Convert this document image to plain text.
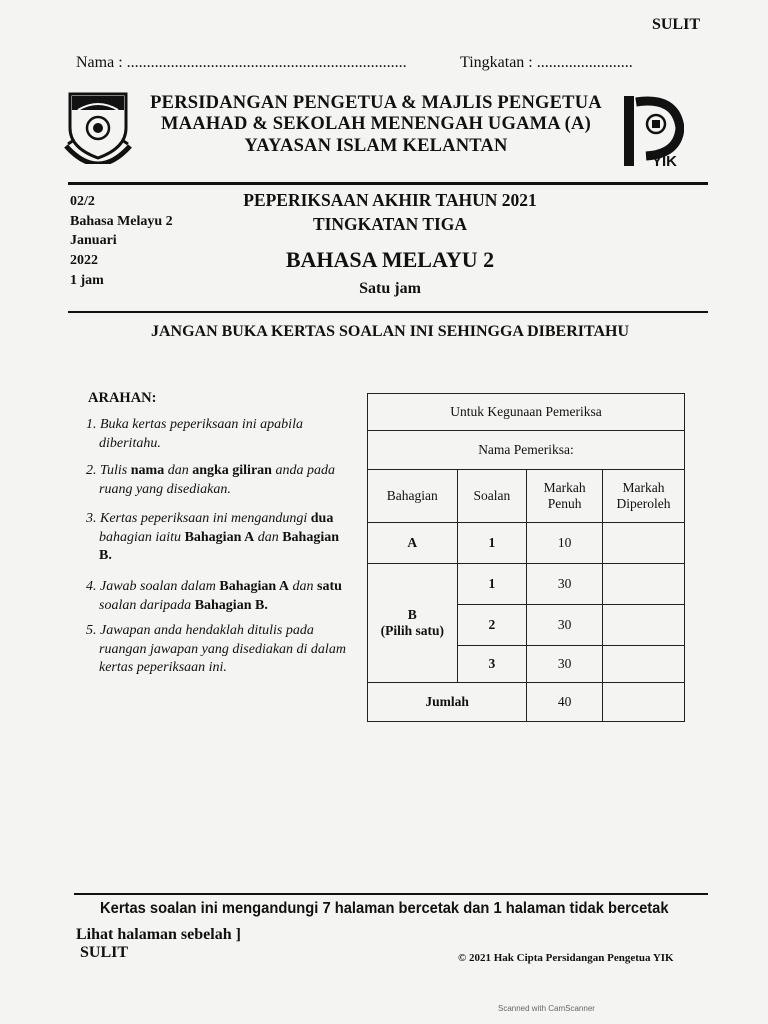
SULIT
Nama : ......................................................................	Tingkatan : ........................
PERSIDANGAN PENGETUA & MAJLIS PENGETUA
MAAHAD & SEKOLAH MENENGAH UGAMA (A)
YAYASAN ISLAM KELANTAN
YIK
02/2
Bahasa Melayu 2
Januari
2022
1 jam
PEPERIKSAAN AKHIR TAHUN 2021
TINGKATAN TIGA
BAHASA MELAYU 2
Satu jam
JANGAN BUKA KERTAS SOALAN INI SEHINGGA DIBERITAHU
ARAHAN:
1. Buka kertas peperiksaan ini apabila diberitahu.
2. Tulis nama dan angka giliran anda pada ruang yang disediakan.
3. Kertas peperiksaan ini mengandungi dua bahagian iaitu Bahagian A dan Bahagian B.
4. Jawab soalan dalam Bahagian A dan satu soalan daripada Bahagian B.
5. Jawapan anda hendaklah ditulis pada ruangan jawapan yang disediakan di dalam kertas peperiksaan ini.
Untuk Kegunaan Pemeriksa			
Nama Pemeriksa:			
Bahagian	Soalan	Markah Penuh	Markah Diperoleh
A	1	10	

B
(Pilih satu)	1	30	
	2	30	
	3	30	
Jumlah		40	
Kertas soalan ini mengandungi 7 halaman bercetak dan 1 halaman tidak bercetak
Lihat halaman sebelah ]
SULIT	© 2021 Hak Cipta Persidangan Pengetua YIK
Scanned with CamScanner
